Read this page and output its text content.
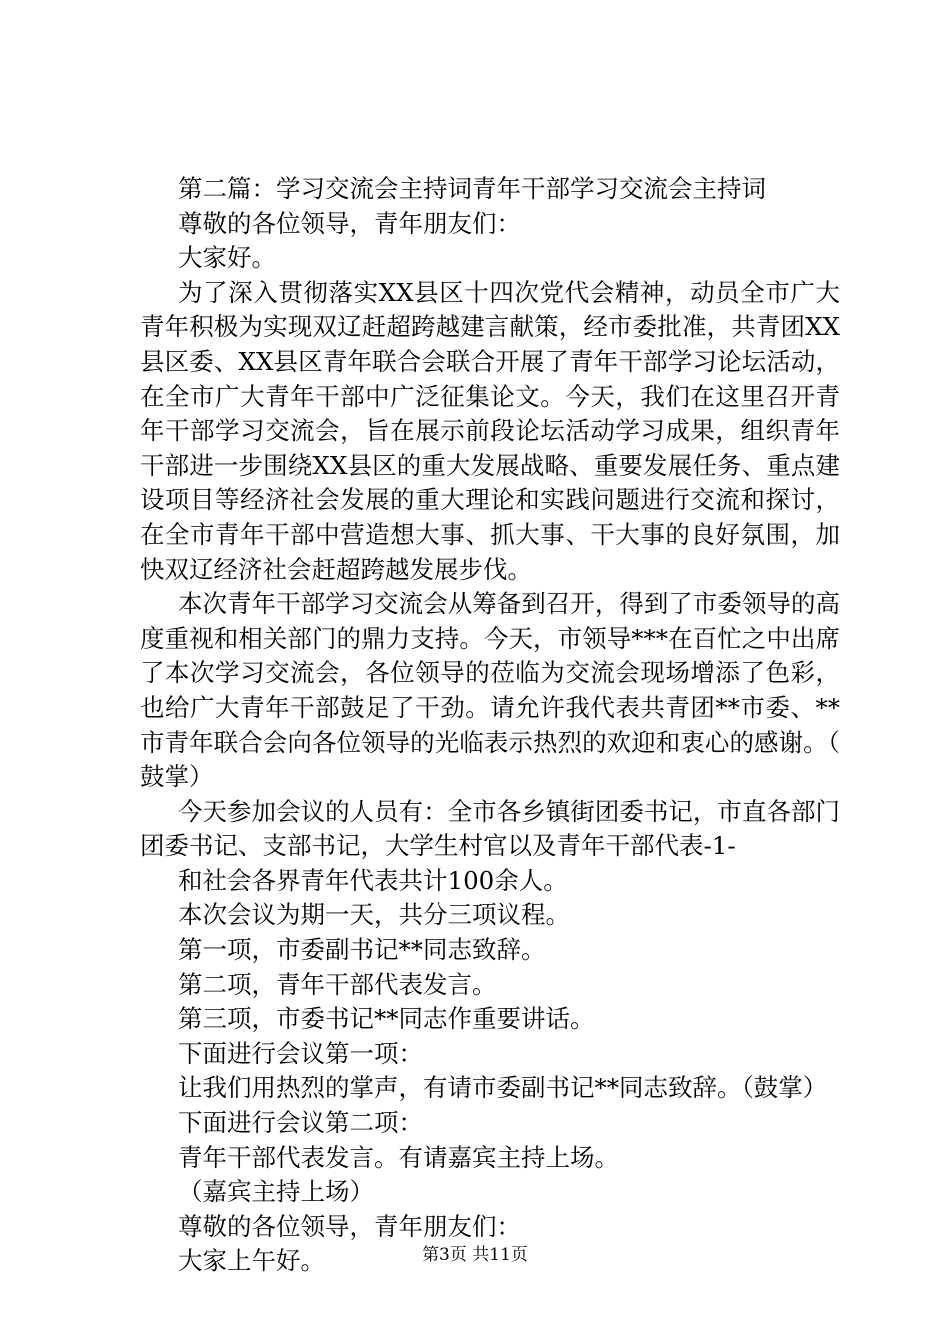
第二篇：学习交流会主持词青年干部学习交流会主持词

尊敬的各位领导，青年朋友们：

大家好。

为了深入贯彻落实XX县区十四次党代会精神，动员全市广大青年积极为实现双辽赶超跨越建言献策，经市委批准，共青团XX县区委、XX县区青年联合会联合开展了青年干部学习论坛活动，在全市广大青年干部中广泛征集论文。今天，我们在这里召开青年干部学习交流会，旨在展示前段论坛活动学习成果，组织青年干部进一步围绕XX县区的重大发展战略、重要发展任务、重点建设项目等经济社会发展的重大理论和实践问题进行交流和探讨，在全市青年干部中营造想大事、抓大事、干大事的良好氛围，加快双辽经济社会赶超跨越发展步伐。

本次青年干部学习交流会从筹备到召开，得到了市委领导的高度重视和相关部门的鼎力支持。今天，市领导***在百忙之中出席了本次学习交流会，各位领导的莅临为交流会现场增添了色彩，也给广大青年干部鼓足了干劲。请允许我代表共青团**市委、**市青年联合会向各位领导的光临表示热烈的欢迎和衷心的感谢。（鼓掌）

今天参加会议的人员有：全市各乡镇街团委书记，市直各部门团委书记、支部书记，大学生村官以及青年干部代表-1-

和社会各界青年代表共计100余人。

本次会议为期一天，共分三项议程。

第一项，市委副书记**同志致辞。

第二项，青年干部代表发言。

第三项，市委书记**同志作重要讲话。

下面进行会议第一项：

让我们用热烈的掌声，有请市委副书记**同志致辞。（鼓掌）

下面进行会议第二项：

青年干部代表发言。有请嘉宾主持上场。

（嘉宾主持上场）

尊敬的各位领导，青年朋友们：

大家上午好。	第3页 共11页
